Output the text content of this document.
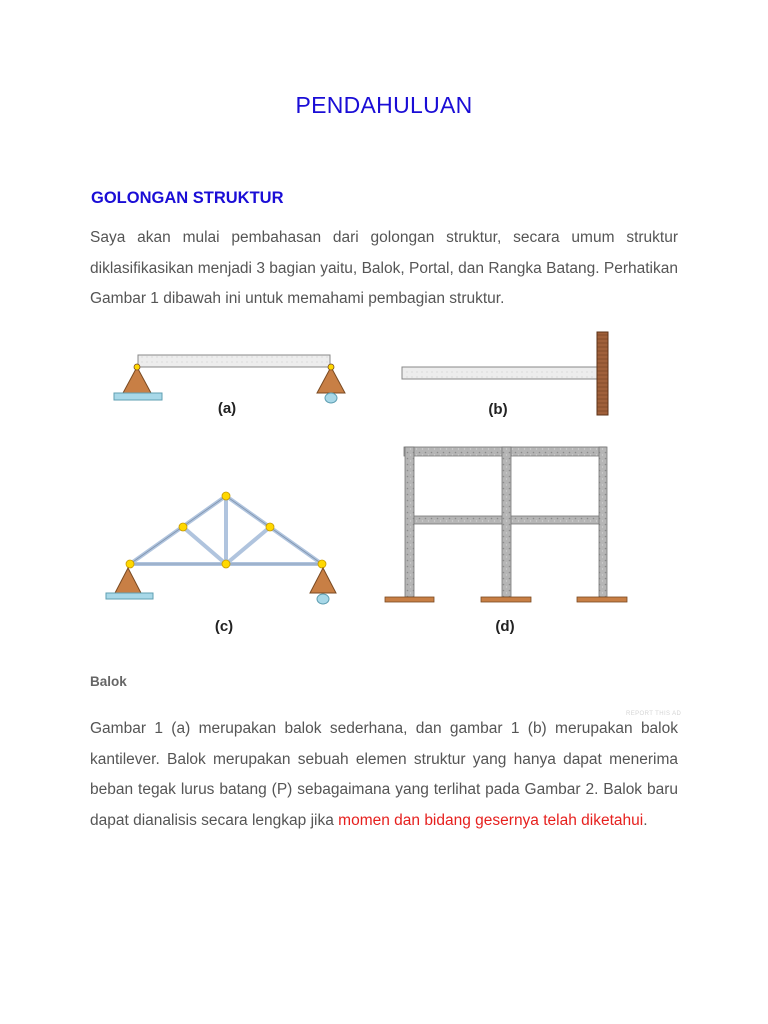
PENDAHULUAN
GOLONGAN STRUKTUR
Saya akan mulai pembahasan dari golongan struktur, secara umum struktur diklasifikasikan menjadi 3 bagian yaitu, Balok, Portal, dan Rangka Batang. Perhatikan Gambar 1 dibawah ini untuk memahami pembagian struktur.
(a)	(b)
(c)	(d)
Balok
REPORT THIS AD
Gambar 1 (a) merupakan balok sederhana, dan gambar 1 (b) merupakan balok kantilever. Balok merupakan sebuah elemen struktur yang hanya dapat menerima beban tegak lurus batang (P) sebagaimana yang terlihat pada Gambar 2. Balok baru dapat dianalisis secara lengkap jika momen dan bidang gesernya telah diketahui.
